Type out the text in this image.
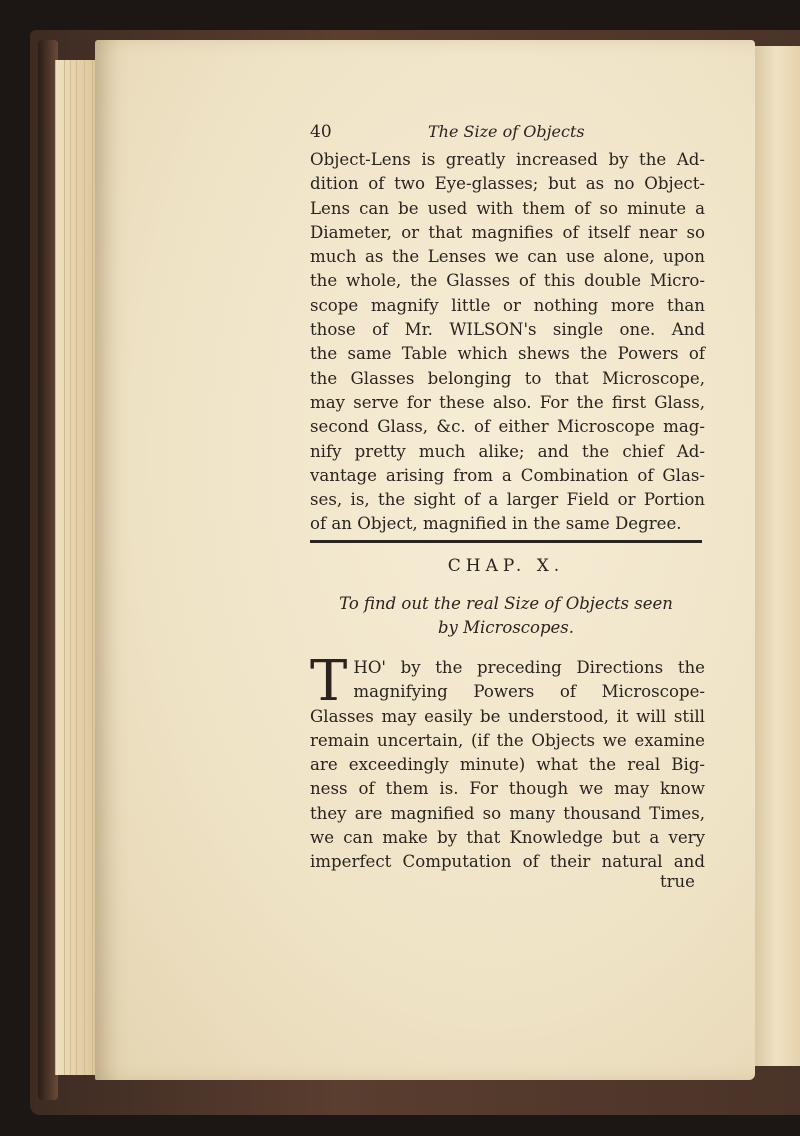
40	The Size of Objects
Object-Lens is greatly increased by the Ad-
dition of two Eye-glasses; but as no Object-
Lens can be used with them of so minute a
Diameter, or that magnifies of itself near so
much as the Lenses we can use alone, upon
the whole, the Glasses of this double Micro-
scope magnify little or nothing more than
those of Mr. WILSON's single one. And
the same Table which shews the Powers of
the Glasses belonging to that Microscope,
may serve for these also. For the first Glass,
second Glass, &c. of either Microscope mag-
nify pretty much alike; and the chief Ad-
vantage arising from a Combination of Glas-
ses, is, the sight of a larger Field or Portion
of an Object, magnified in the same Degree.
CHAP. X.
To find out the real Size of Objects seen
by Microscopes.
T HO' by the preceding Directions the
magnifying Powers of Microscope-
Glasses may easily be understood, it will still
remain uncertain, (if the Objects we examine
are exceedingly minute) what the real Big-
ness of them is. For though we may know
they are magnified so many thousand Times,
we can make by that Knowledge but a very
imperfect Computation of their natural and
true
